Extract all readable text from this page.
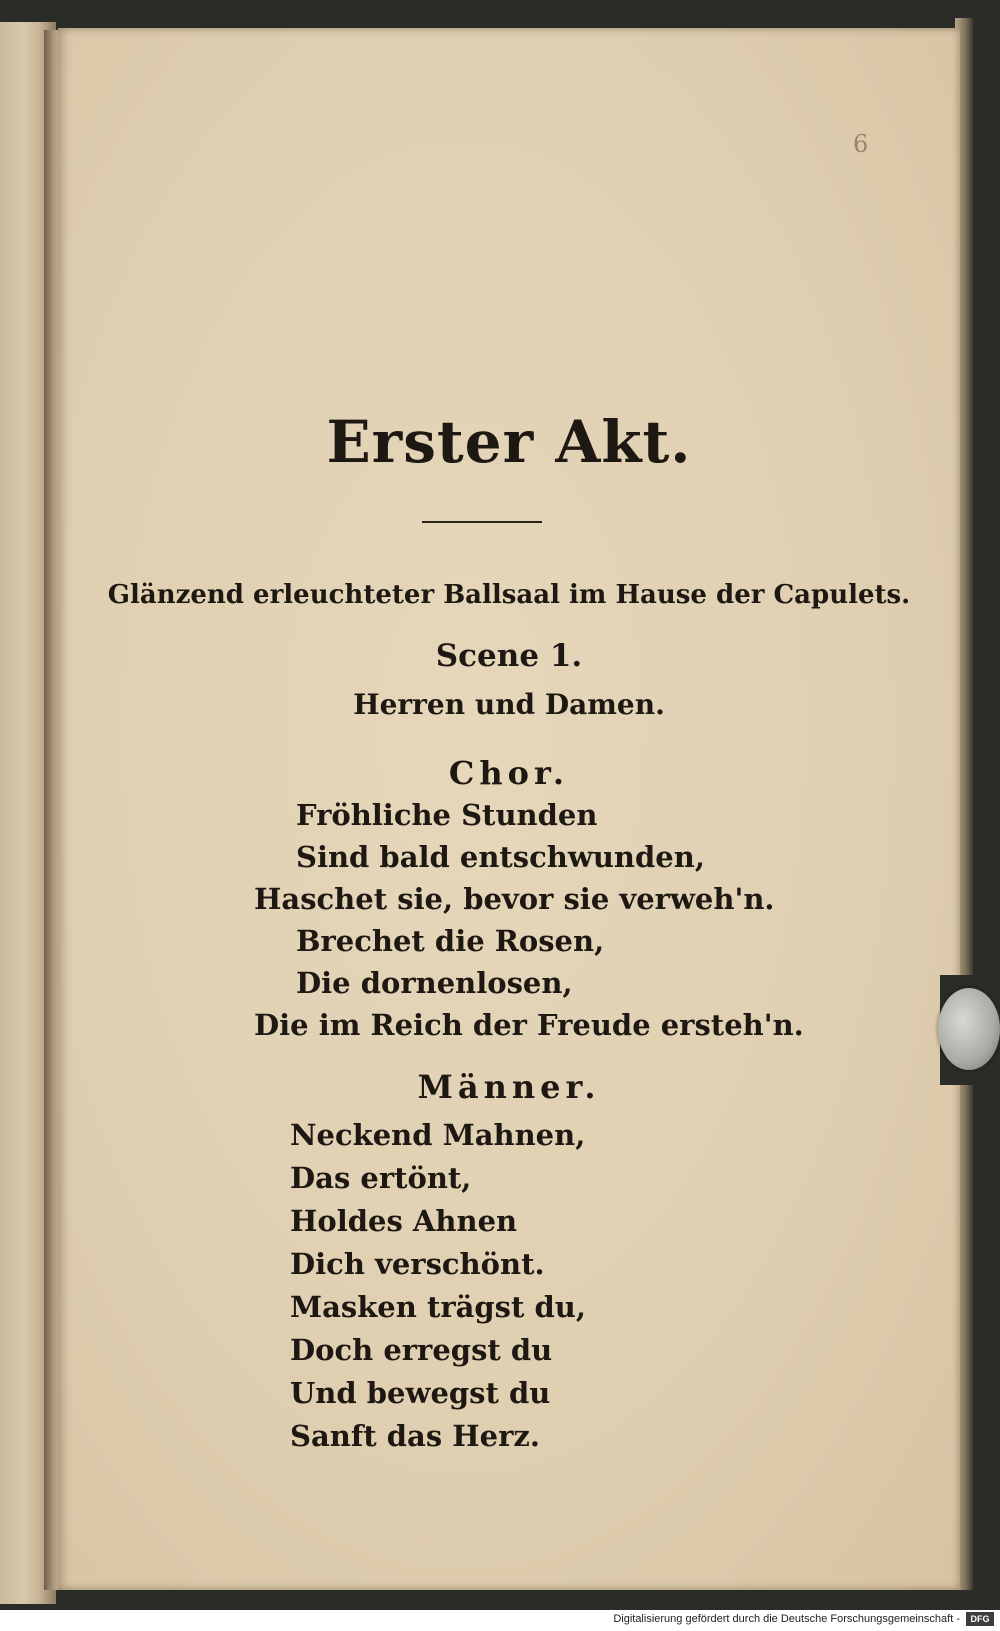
6
Erster Akt.
Glänzend erleuchteter Ballsaal im Hause der Capulets.
Scene 1.
Herren und Damen.
Chor.
Fröhliche Stunden
Sind bald entschwunden,
Haschet sie, bevor sie verweh'n.
Brechet die Rosen,
Die dornenlosen,
Die im Reich der Freude ersteh'n.
Männer.
Neckend Mahnen,
Das ertönt,
Holdes Ahnen
Dich verschönt.
Masken trägst du,
Doch erregst du
Und bewegst du
Sanft das Herz.
Digitalisierung gefördert durch die Deutsche Forschungsgemeinschaft -	DFG
